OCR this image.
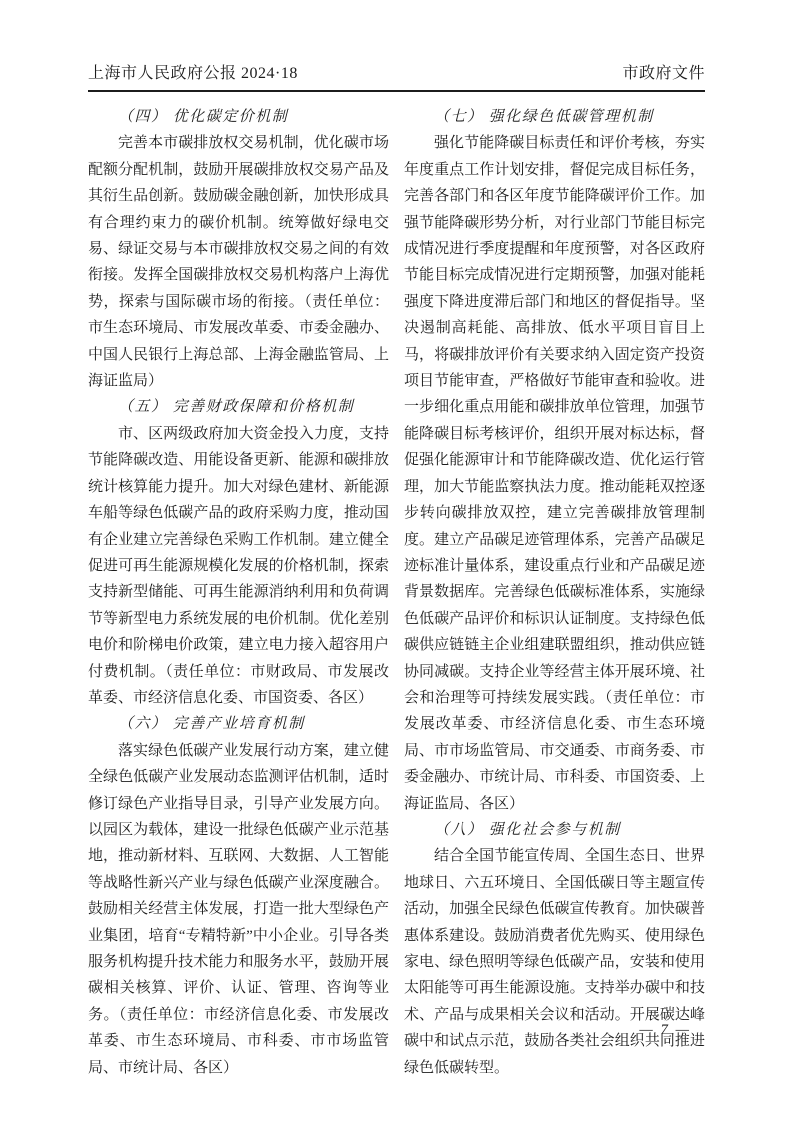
上海市人民政府公报 2024·18	市政府文件
（四） 优化碳定价机制
完善本市碳排放权交易机制，优化碳市场配额分配机制，鼓励开展碳排放权交易产品及其衍生品创新。鼓励碳金融创新，加快形成具有合理约束力的碳价机制。统筹做好绿电交易、绿证交易与本市碳排放权交易之间的有效衔接。发挥全国碳排放权交易机构落户上海优势，探索与国际碳市场的衔接。（责任单位：市生态环境局、市发展改革委、市委金融办、中国人民银行上海总部、上海金融监管局、上海证监局）
（五） 完善财政保障和价格机制
市、区两级政府加大资金投入力度，支持节能降碳改造、用能设备更新、能源和碳排放统计核算能力提升。加大对绿色建材、新能源车船等绿色低碳产品的政府采购力度，推动国有企业建立完善绿色采购工作机制。建立健全促进可再生能源规模化发展的价格机制，探索支持新型储能、可再生能源消纳利用和负荷调节等新型电力系统发展的电价机制。优化差别电价和阶梯电价政策，建立电力接入超容用户付费机制。（责任单位：市财政局、市发展改革委、市经济信息化委、市国资委、各区）
（六） 完善产业培育机制
落实绿色低碳产业发展行动方案，建立健全绿色低碳产业发展动态监测评估机制，适时修订绿色产业指导目录，引导产业发展方向。以园区为载体，建设一批绿色低碳产业示范基地，推动新材料、互联网、大数据、人工智能等战略性新兴产业与绿色低碳产业深度融合。鼓励相关经营主体发展，打造一批大型绿色产业集团，培育“专精特新”中小企业。引导各类服务机构提升技术能力和服务水平，鼓励开展碳相关核算、评价、认证、管理、咨询等业务。（责任单位：市经济信息化委、市发展改革委、市生态环境局、市科委、市市场监管局、市统计局、各区）
（七） 强化绿色低碳管理机制
强化节能降碳目标责任和评价考核，夯实年度重点工作计划安排，督促完成目标任务，完善各部门和各区年度节能降碳评价工作。加强节能降碳形势分析，对行业部门节能目标完成情况进行季度提醒和年度预警，对各区政府节能目标完成情况进行定期预警，加强对能耗强度下降进度滞后部门和地区的督促指导。坚决遏制高耗能、高排放、低水平项目盲目上马，将碳排放评价有关要求纳入固定资产投资项目节能审查，严格做好节能审查和验收。进一步细化重点用能和碳排放单位管理，加强节能降碳目标考核评价，组织开展对标达标，督促强化能源审计和节能降碳改造、优化运行管理，加大节能监察执法力度。推动能耗双控逐步转向碳排放双控，建立完善碳排放管理制度。建立产品碳足迹管理体系，完善产品碳足迹标准计量体系，建设重点行业和产品碳足迹背景数据库。完善绿色低碳标准体系，实施绿色低碳产品评价和标识认证制度。支持绿色低碳供应链链主企业组建联盟组织，推动供应链协同减碳。支持企业等经营主体开展环境、社会和治理等可持续发展实践。（责任单位：市发展改革委、市经济信息化委、市生态环境局、市市场监管局、市交通委、市商务委、市委金融办、市统计局、市科委、市国资委、上海证监局、各区）
（八） 强化社会参与机制
结合全国节能宣传周、全国生态日、世界地球日、六五环境日、全国低碳日等主题宣传活动，加强全民绿色低碳宣传教育。加快碳普惠体系建设。鼓励消费者优先购买、使用绿色家电、绿色照明等绿色低碳产品，安装和使用太阳能等可再生能源设施。支持举办碳中和技术、产品与成果相关会议和活动。开展碳达峰碳中和试点示范，鼓励各类社会组织共同推进绿色低碳转型。
— 7 —
